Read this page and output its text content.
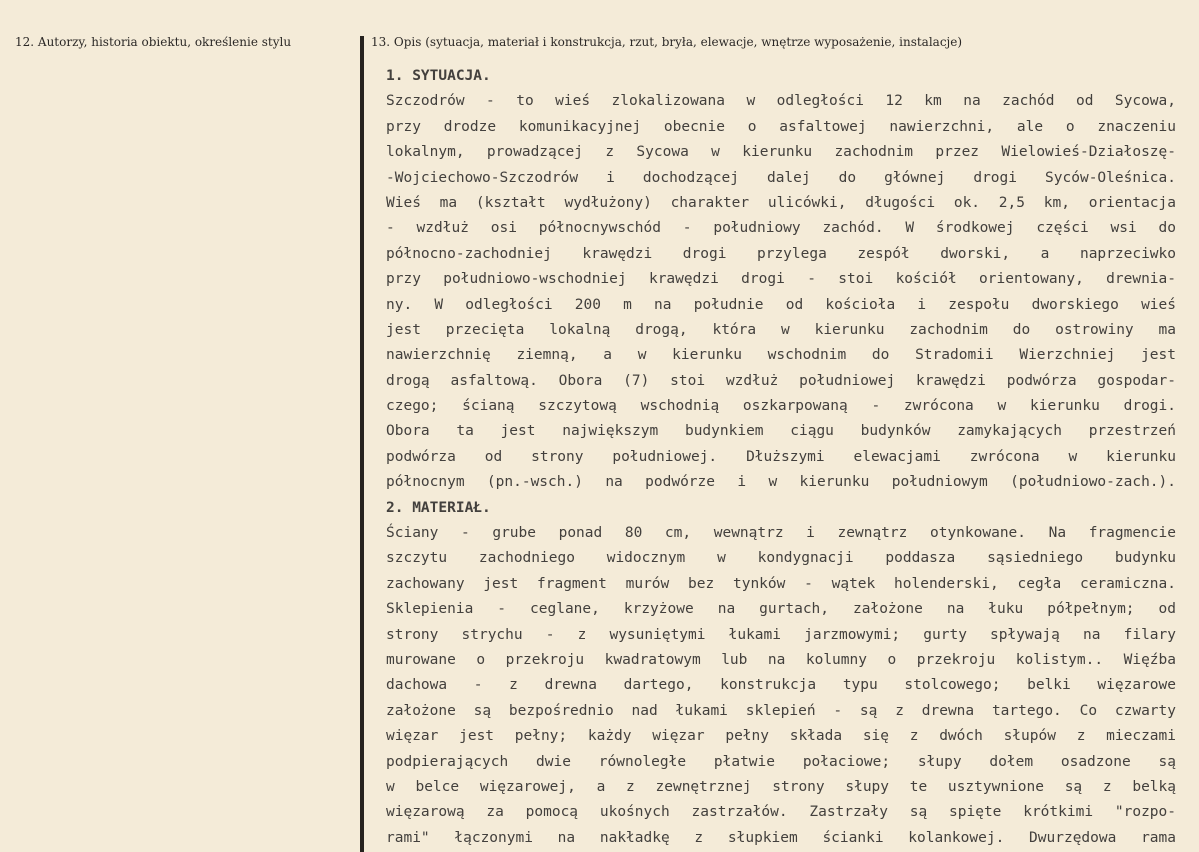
12. Autorzy, historia obiektu, określenie stylu	13. Opis (sytuacja, materiał i konstrukcja, rzut, bryła, elewacje, wnętrze wyposażenie, instalacje)
1. SYTUACJA.
Szczodrów - to wieś zlokalizowana w odległości 12 km na zachód od Sycowa,
przy drodze komunikacyjnej obecnie o asfaltowej nawierzchni, ale o znaczeniu
lokalnym, prowadzącej z Sycowa w kierunku zachodnim przez Wielowieś-Działoszę-
-Wojciechowo-Szczodrów i dochodzącej dalej do głównej drogi Syców-Oleśnica.
Wieś ma (kształt wydłużony) charakter ulicówki, długości ok. 2,5 km, orientacja
- wzdłuż osi północnywschód - południowy zachód. W środkowej części wsi do
północno-zachodniej krawędzi drogi przylega zespół dworski, a naprzeciwko
przy południowo-wschodniej krawędzi drogi - stoi kościół orientowany, drewnia-
ny. W odległości 200 m na południe od kościoła i zespołu dworskiego wieś
jest przecięta lokalną drogą, która w kierunku zachodnim do ostrowiny ma
nawierzchnię ziemną, a w kierunku wschodnim do Stradomii Wierzchniej jest
drogą asfaltową. Obora (7) stoi wzdłuż południowej krawędzi podwórza gospodar-
czego; ścianą szczytową wschodnią oszkarpowaną - zwrócona w kierunku drogi.
Obora ta jest największym budynkiem ciągu budynków zamykających przestrzeń
podwórza od strony południowej. Dłuższymi elewacjami zwrócona w kierunku
północnym (pn.-wsch.) na podwórze i w kierunku południowym (południowo-zach.).
2. MATERIAŁ.
Ściany - grube ponad 80 cm, wewnątrz i zewnątrz otynkowane. Na fragmencie
szczytu zachodniego widocznym w kondygnacji poddasza sąsiedniego budynku
zachowany jest fragment murów bez tynków - wątek holenderski, cegła ceramiczna.
Sklepienia - ceglane, krzyżowe na gurtach, założone na łuku półpełnym; od
strony strychu - z wysuniętymi łukami jarzmowymi; gurty spływają na filary
murowane o przekroju kwadratowym lub na kolumny o przekroju kolistym.. Więźba
dachowa - z drewna dartego, konstrukcja typu stolcowego; belki więzarowe
założone są bezpośrednio nad łukami sklepień - są z drewna tartego. Co czwarty
więzar jest pełny; każdy więzar pełny składa się z dwóch słupów z mieczami
podpierających dwie równoległe płatwie połaciowe; słupy dołem osadzone są
w belce więzarowej, a z zewnętrznej strony słupy te usztywnione są z belką
więzarową za pomocą ukośnych zastrzałów. Zastrzały są spięte krótkimi "rozpo-
rami" łączonymi na nakładkę z słupkiem ścianki kolankowej. Dwurzędowa rama
